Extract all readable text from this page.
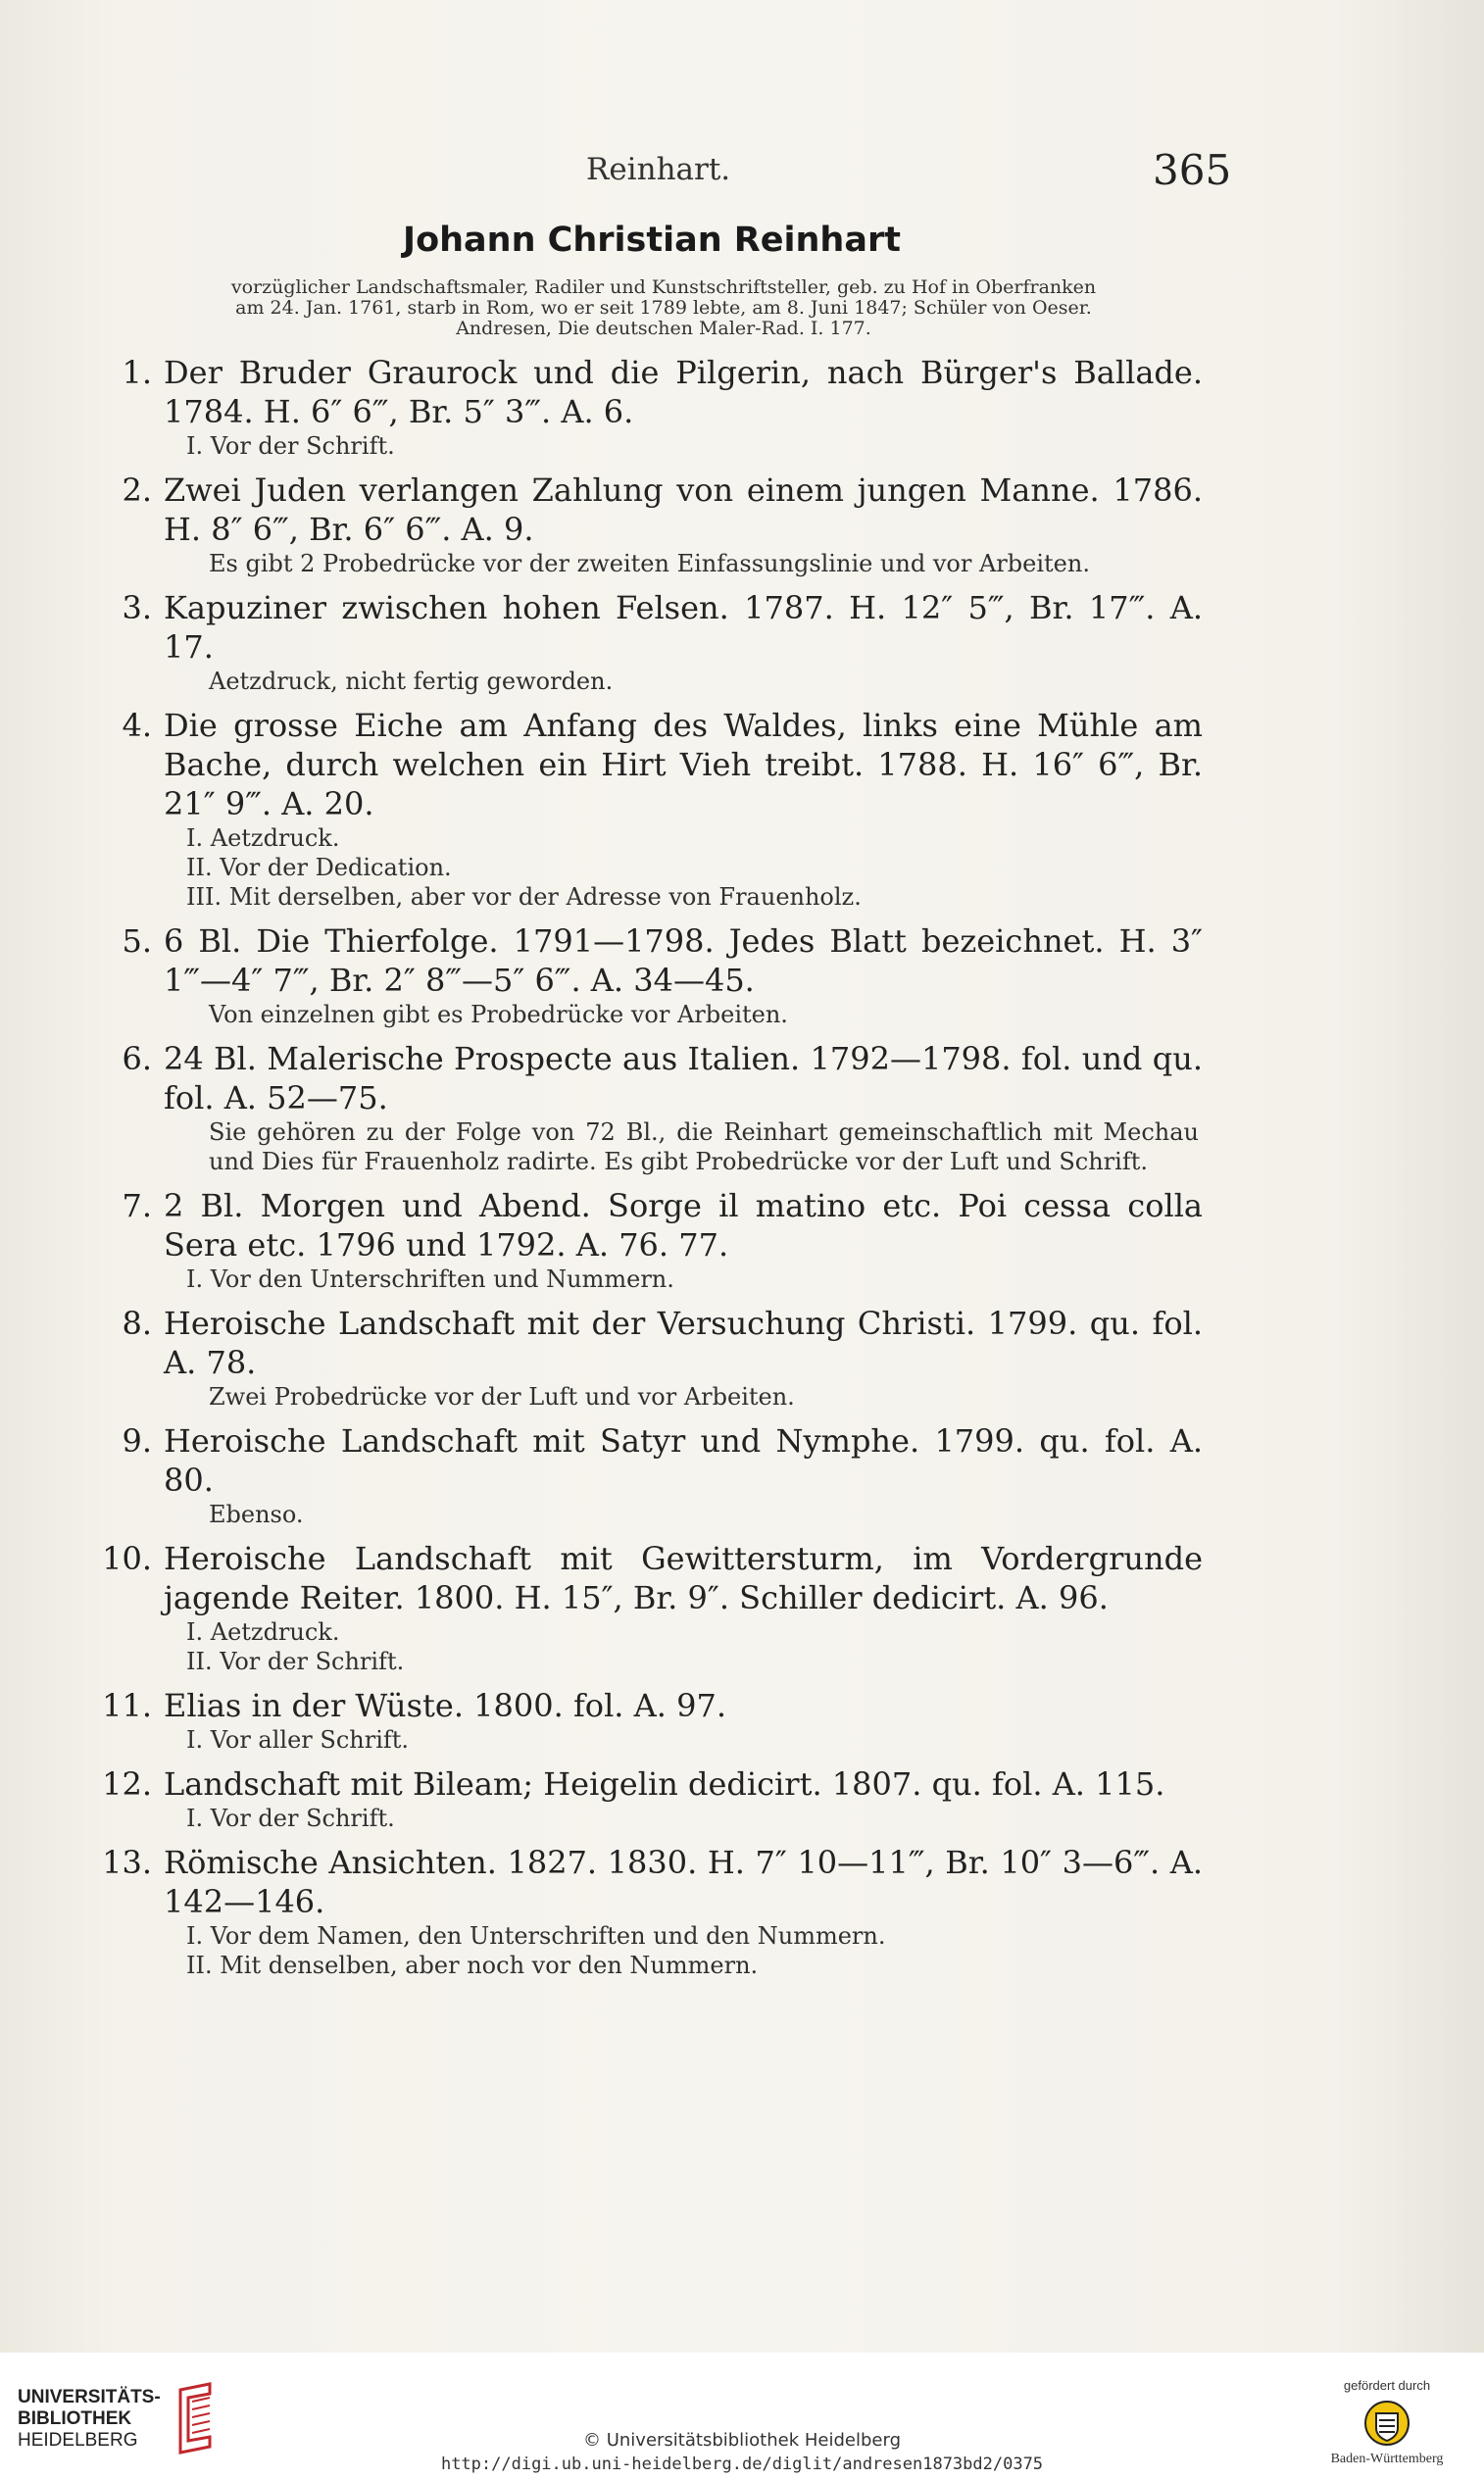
Reinhart.	365
Johann Christian Reinhart
vorzüglicher Landschaftsmaler, Radiler und Kunstschriftsteller, geb. zu Hof in Oberfranken
am 24. Jan. 1761, starb in Rom, wo er seit 1789 lebte, am 8. Juni 1847; Schüler von Oeser.
Andresen, Die deutschen Maler-Rad. I. 177.
1. Der Bruder Graurock und die Pilgerin, nach Bürger's Ballade. 1784. H. 6″ 6‴, Br. 5″ 3‴. A. 6.
I. Vor der Schrift.
2. Zwei Juden verlangen Zahlung von einem jungen Manne. 1786. H. 8″ 6‴, Br. 6″ 6‴. A. 9.
Es gibt 2 Probedrücke vor der zweiten Einfassungslinie und vor Arbeiten.
3. Kapuziner zwischen hohen Felsen. 1787. H. 12″ 5‴, Br. 17‴. A. 17.
Aetzdruck, nicht fertig geworden.
4. Die grosse Eiche am Anfang des Waldes, links eine Mühle am Bache, durch welchen ein Hirt Vieh treibt. 1788. H. 16″ 6‴, Br. 21″ 9‴. A. 20.
I. Aetzdruck.
II. Vor der Dedication.
III. Mit derselben, aber vor der Adresse von Frauenholz.
5. 6 Bl. Die Thierfolge. 1791—1798. Jedes Blatt bezeichnet. H. 3″ 1‴—4″ 7‴, Br. 2″ 8‴—5″ 6‴. A. 34—45.
Von einzelnen gibt es Probedrücke vor Arbeiten.
6. 24 Bl. Malerische Prospecte aus Italien. 1792—1798. fol. und qu. fol. A. 52—75.
Sie gehören zu der Folge von 72 Bl., die Reinhart gemeinschaftlich mit Mechau und Dies für Frauenholz radirte. Es gibt Probedrücke vor der Luft und Schrift.
7. 2 Bl. Morgen und Abend. Sorge il matino etc. Poi cessa colla Sera etc. 1796 und 1792. A. 76. 77.
I. Vor den Unterschriften und Nummern.
8. Heroische Landschaft mit der Versuchung Christi. 1799. qu. fol. A. 78.
Zwei Probedrücke vor der Luft und vor Arbeiten.
9. Heroische Landschaft mit Satyr und Nymphe. 1799. qu. fol. A. 80.
Ebenso.
10. Heroische Landschaft mit Gewittersturm, im Vordergrunde jagende Reiter. 1800. H. 15″, Br. 9″. Schiller dedicirt. A. 96.
I. Aetzdruck.
II. Vor der Schrift.
11. Elias in der Wüste. 1800. fol. A. 97.
I. Vor aller Schrift.
12. Landschaft mit Bileam; Heigelin dedicirt. 1807. qu. fol. A. 115.
I. Vor der Schrift.
13. Römische Ansichten. 1827. 1830. H. 7″ 10—11‴, Br. 10″ 3—6‴. A. 142—146.
I. Vor dem Namen, den Unterschriften und den Nummern.
II. Mit denselben, aber noch vor den Nummern.
UNIVERSITÄTS-
BIBLIOTHEK
HEIDELBERG	© Universitätsbibliothek Heidelberg
http://digi.ub.uni-heidelberg.de/diglit/andresen1873bd2/0375
gefördert durch
Baden-Württemberg
